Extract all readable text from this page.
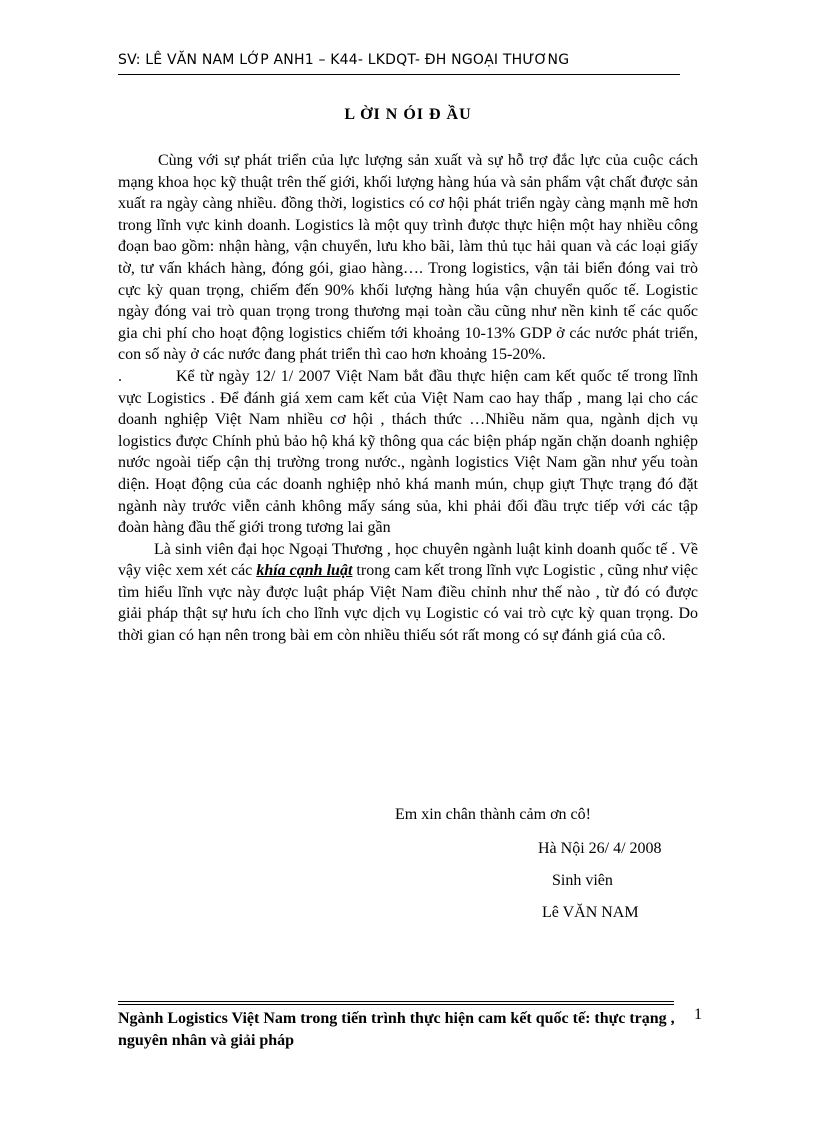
SV: LÊ VĂN NAM LỚP ANH1 – K44- LKDQT- ĐH NGOẠI THƯƠNG
L ỜI N ÓI Đ ẦU

Cùng với sự phát triển của lực lượng sản xuất và sự hỗ trợ đắc lực của cuộc cách mạng khoa học kỹ thuật trên thế giới, khối lượng hàng húa và sản phẩm vật chất được sản xuất ra ngày càng nhiều. đồng thời, logistics có cơ hội phát triển ngày càng mạnh mẽ hơn trong lĩnh vực kinh doanh. Logistics là một quy trình được thực hiện một hay nhiều công đoạn bao gồm: nhận hàng, vận chuyển, lưu kho bãi, làm thủ tục hải quan và các loại giấy tờ, tư vấn khách hàng, đóng gói, giao hàng…. Trong logistics, vận tải biển đóng vai trò cực kỳ quan trọng, chiếm đến 90% khối lượng hàng húa vận chuyển quốc tế. Logistic ngày đóng vai trò quan trọng trong thương mại toàn cầu cũng như nền kinh tế các quốc gia chi phí cho hoạt động logistics chiếm tới khoảng 10-13% GDP ở các nước phát triển, con số này ở các nước đang phát triển thì cao hơn khoảng 15-20%.

.	Kể từ ngày 12/ 1/ 2007 Việt Nam bắt đầu thực hiện cam kết quốc tế trong lĩnh vực Logistics . Để đánh giá xem cam kết của Việt Nam cao hay thấp , mang lại cho các doanh nghiệp Việt Nam nhiều cơ hội , thách thức …Nhiều năm qua, ngành dịch vụ logistics được Chính phủ bảo hộ khá kỹ thông qua các biện pháp ngăn chặn doanh nghiệp nước ngoài tiếp cận thị trường trong nước., ngành logistics Việt Nam gần như yếu toàn diện. Hoạt động của các doanh nghiệp nhỏ khá manh mún, chụp giựt Thực trạng đó đặt ngành này trước viễn cảnh không mấy sáng sủa, khi phải đối đầu trực tiếp với các tập đoàn hàng đầu thế giới trong tương lai gần

Là sinh viên đại học Ngoại Thương , học chuyên ngành luật kinh doanh quốc tế . Về vậy việc xem xét các khía cạnh luật trong cam kết trong lĩnh vực Logistic , cũng như việc tìm hiểu lĩnh vực này được luật pháp Việt Nam điều chỉnh như thế nào , từ đó có được giải pháp thật sự hưu ích cho lĩnh vực dịch vụ Logistic có vai trò cực kỳ quan trọng. Do thời gian có hạn nên trong bài em còn nhiều thiếu sót rất mong có sự đánh giá của cô.

Em xin chân thành cảm ơn cô!
Hà Nội 26/ 4/ 2008
Sinh viên
Lê VĂN NAM
Ngành Logistics Việt Nam trong tiến trình thực hiện cam kết quốc tế: thực trạng , nguyên nhân và giải pháp
1
